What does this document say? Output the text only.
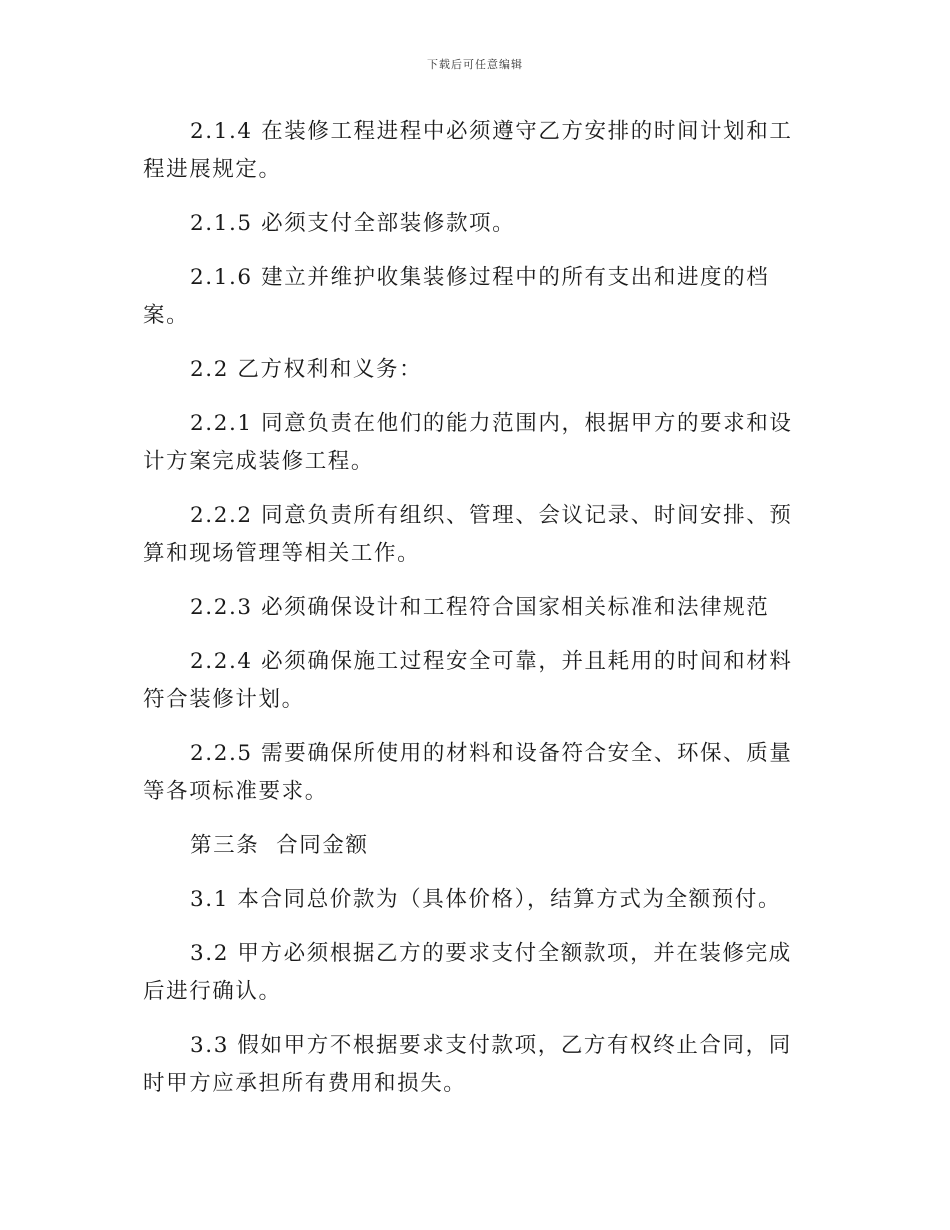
下载后可任意编辑

2.1.4 在装修工程进程中必须遵守乙方安排的时间计划和工程进展规定。

2.1.5 必须支付全部装修款项。

2.1.6 建立并维护收集装修过程中的所有支出和进度的档案。

2.2 乙方权利和义务：

2.2.1 同意负责在他们的能力范围内，根据甲方的要求和设计方案完成装修工程。

2.2.2 同意负责所有组织、管理、会议记录、时间安排、预算和现场管理等相关工作。

2.2.3 必须确保设计和工程符合国家相关标准和法律规范

2.2.4 必须确保施工过程安全可靠，并且耗用的时间和材料符合装修计划。

2.2.5 需要确保所使用的材料和设备符合安全、环保、质量等各项标准要求。

第三条  合同金额

3.1 本合同总价款为（具体价格），结算方式为全额预付。

3.2 甲方必须根据乙方的要求支付全额款项，并在装修完成后进行确认。

3.3 假如甲方不根据要求支付款项，乙方有权终止合同，同时甲方应承担所有费用和损失。
